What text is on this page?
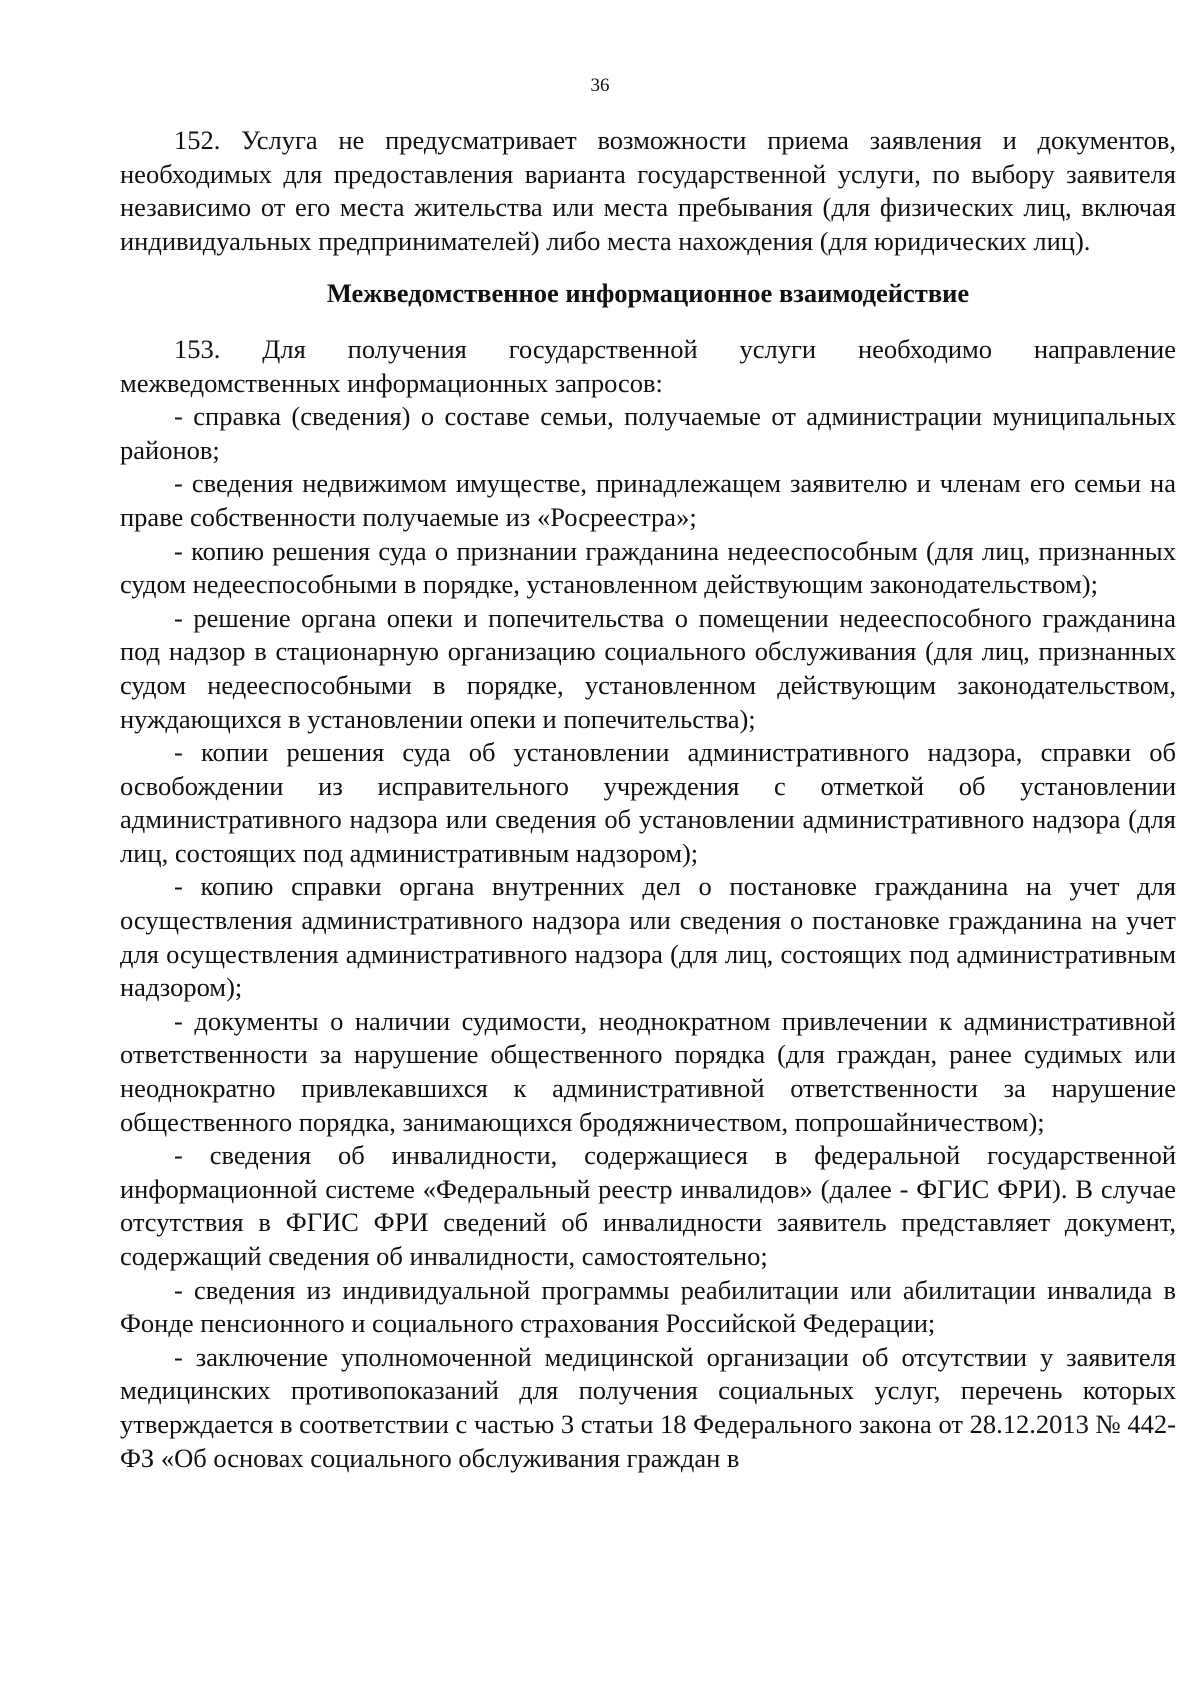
36

152. Услуга не предусматривает возможности приема заявления и документов, необходимых для предоставления варианта государственной услуги, по выбору заявителя независимо от его места жительства или места пребывания (для физических лиц, включая индивидуальных предпринимателей) либо места нахождения (для юридических лиц).

Межведомственное информационное взаимодействие

153. Для получения государственной услуги необходимо направление межведомственных информационных запросов:

- справка (сведения) о составе семьи, получаемые от администрации муниципальных районов;

- сведения недвижимом имуществе, принадлежащем заявителю и членам его семьи на праве собственности получаемые из «Росреестра»;

- копию решения суда о признании гражданина недееспособным (для лиц, признанных судом недееспособными в порядке, установленном действующим законодательством);

- решение органа опеки и попечительства о помещении недееспособного гражданина под надзор в стационарную организацию социального обслуживания (для лиц, признанных судом недееспособными в порядке, установленном действующим законодательством, нуждающихся в установлении опеки и попечительства);

- копии решения суда об установлении административного надзора, справки об освобождении из исправительного учреждения с отметкой об установлении административного надзора или сведения об установлении административного надзора (для лиц, состоящих под административным надзором);

- копию справки органа внутренних дел о постановке гражданина на учет для осуществления административного надзора или сведения о постановке гражданина на учет для осуществления административного надзора (для лиц, состоящих под административным надзором);

- документы о наличии судимости, неоднократном привлечении к административной ответственности за нарушение общественного порядка (для граждан, ранее судимых или неоднократно привлекавшихся к административной ответственности за нарушение общественного порядка, занимающихся бродяжничеством, попрошайничеством);

- сведения об инвалидности, содержащиеся в федеральной государственной информационной системе «Федеральный реестр инвалидов» (далее - ФГИС ФРИ). В случае отсутствия в ФГИС ФРИ сведений об инвалидности заявитель представляет документ, содержащий сведения об инвалидности, самостоятельно;

- сведения из индивидуальной программы реабилитации или абилитации инвалида в Фонде пенсионного и социального страхования Российской Федерации;

- заключение уполномоченной медицинской организации об отсутствии у заявителя медицинских противопоказаний для получения социальных услуг, перечень которых утверждается в соответствии с частью 3 статьи 18 Федерального закона от 28.12.2013 № 442-ФЗ «Об основах социального обслуживания граждан в
